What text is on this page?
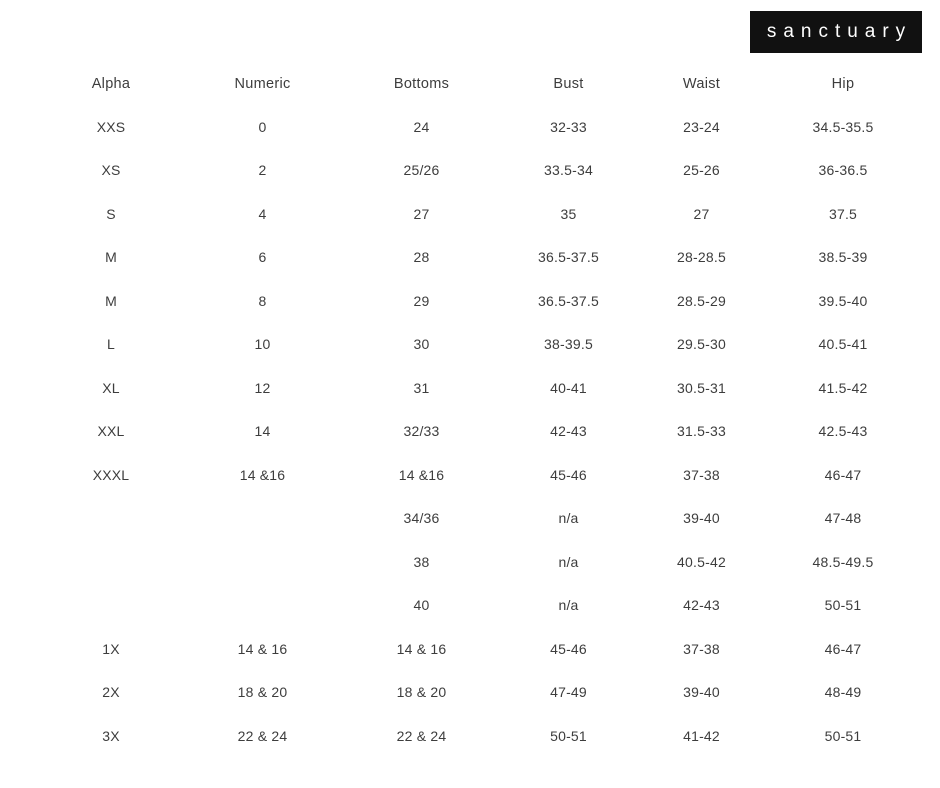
sanctuary
Alpha	Numeric	Bottoms	Bust	Waist	Hip
XXS	0	24	32-33	23-24	34.5-35.5
XS	2	25/26	33.5-34	25-26	36-36.5
S	4	27	35	27	37.5
M	6	28	36.5-37.5	28-28.5	38.5-39
M	8	29	36.5-37.5	28.5-29	39.5-40
L	10	30	38-39.5	29.5-30	40.5-41
XL	12	31	40-41	30.5-31	41.5-42
XXL	14	32/33	42-43	31.5-33	42.5-43
XXXL	14 &16	14 &16	45-46	37-38	46-47
		34/36	n/a	39-40	47-48
		38	n/a	40.5-42	48.5-49.5
		40	n/a	42-43	50-51
1X	14 & 16	14 & 16	45-46	37-38	46-47
2X	18 & 20	18 & 20	47-49	39-40	48-49
3X	22 & 24	22 & 24	50-51	41-42	50-51
